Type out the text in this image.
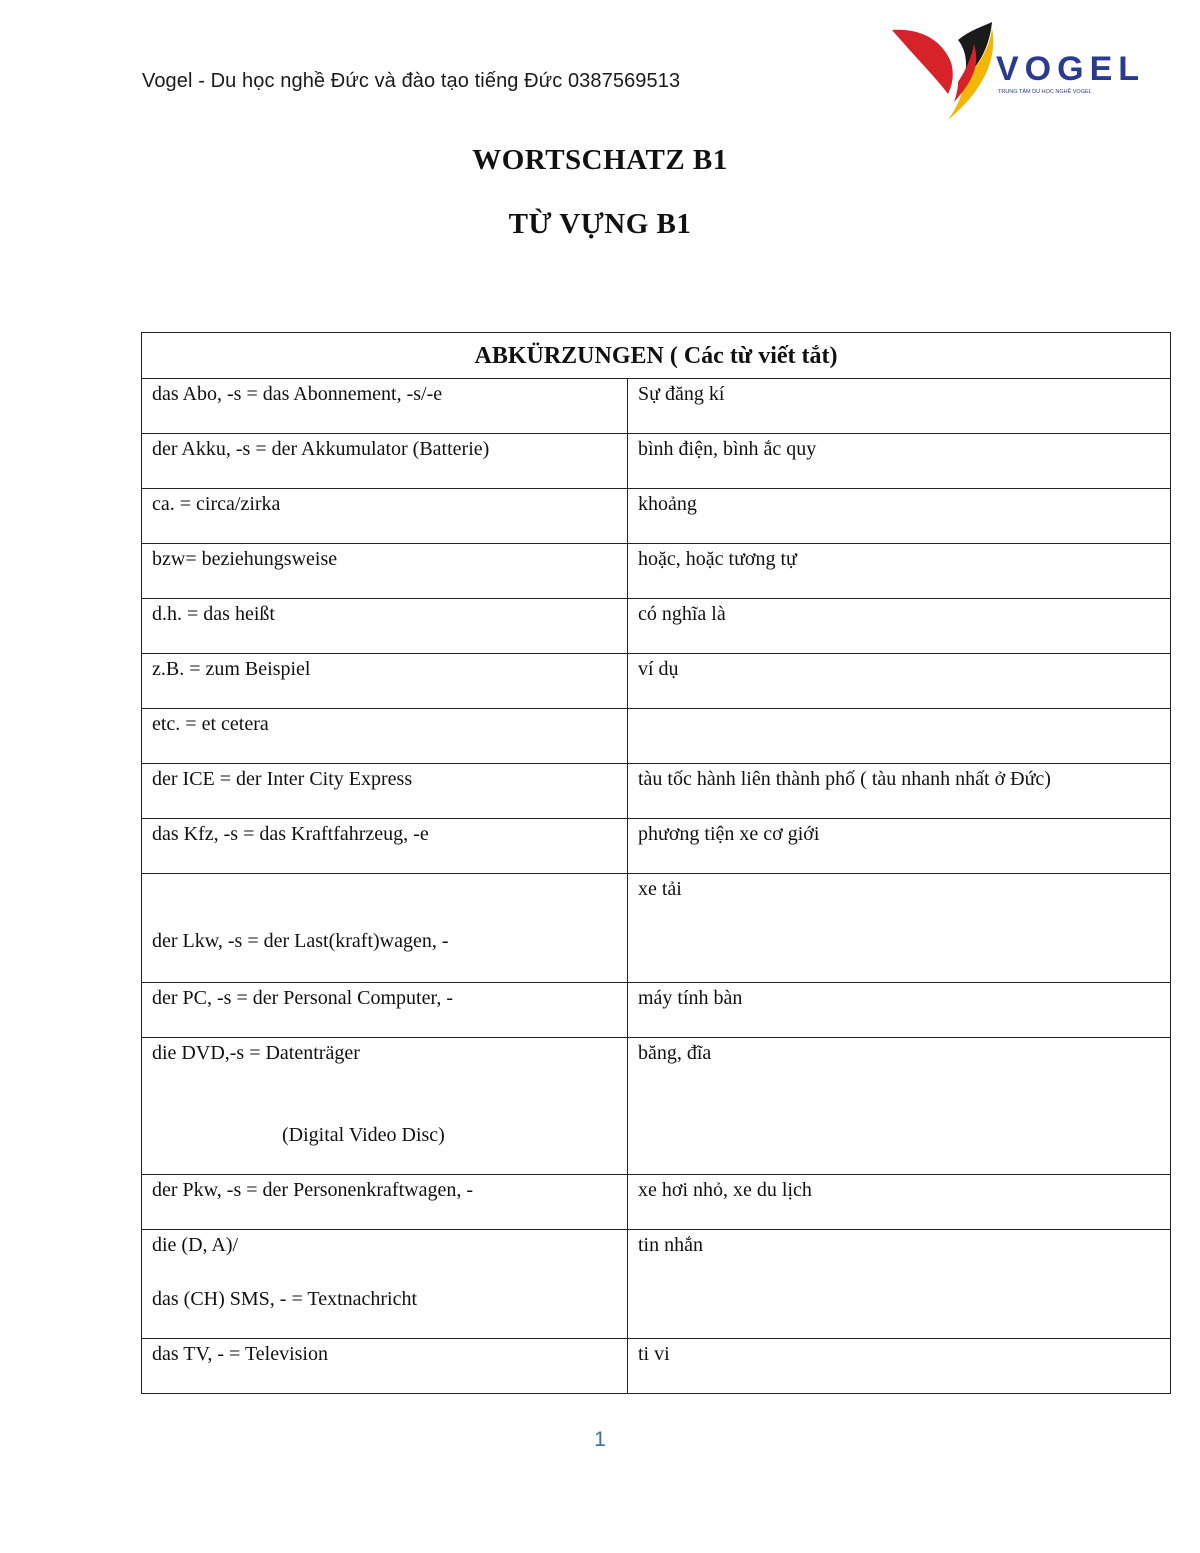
Vogel - Du học nghề Đức và đào tạo tiếng Đức 0387569513	VOGEL
TRUNG TÂM DU HỌC NGHỀ VOGEL
WORTSCHATZ B1
TỪ VỰNG B1
ABKÜRZUNGEN ( Các từ viết tắt)	
das Abo, -s = das Abonnement, -s/-e	Sự đăng kí
der Akku, -s = der Akkumulator (Batterie)	bình điện, bình ắc quy
ca. = circa/zirka	khoảng
bzw= beziehungsweise	hoặc, hoặc tương tự
d.h. = das heißt	có nghĩa là
z.B. = zum Beispiel	ví dụ
etc. = et cetera	
der ICE = der Inter City Express	tàu tốc hành liên thành phố ( tàu nhanh nhất ở Đức)
das Kfz, -s = das Kraftfahrzeug, -e	phương tiện xe cơ giới

der Lkw, -s = der Last(kraft)wagen, -	xe tải
der PC, -s = der Personal Computer, -	máy tính bàn

die DVD,-s = Datenträger
(Digital Video Disc)	băng, đĩa
der Pkw, -s = der Personenkraftwagen, -	xe hơi nhỏ, xe du lịch

die (D, A)/
das (CH) SMS, - = Textnachricht	tin nhắn
das TV, - = Television	ti vi
1
